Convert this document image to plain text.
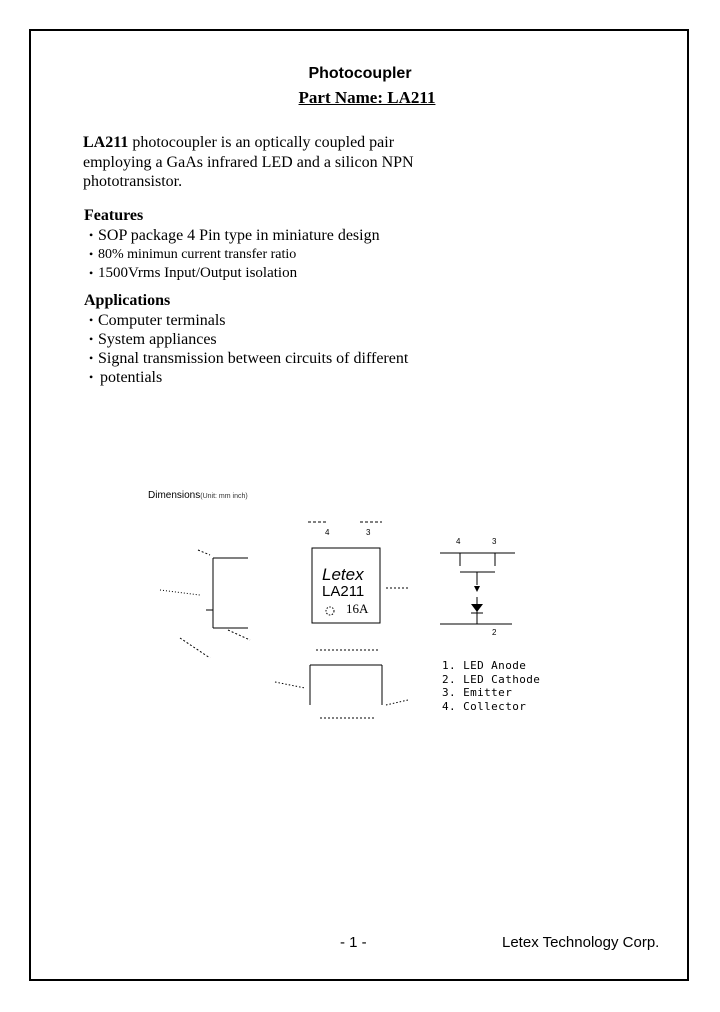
Photocoupler
Part Name: LA211
LA211 photocoupler is an optically coupled pair
employing a GaAs infrared LED and a silicon NPN
phototransistor.
Features
• SOP package 4 Pin type in miniature design
• 80% minimun current transfer ratio
• 1500Vrms Input/Output isolation
Applications
• Computer terminals
• System appliances
• Signal transmission between circuits of different
• potentials
Dimensions(Unit: mm inch)
4	3
4	3
2
Letex
LA211
16A
1. LED Anode
2. LED Cathode
3. Emitter
4. Collector
- 1 -	Letex Technology Corp.
